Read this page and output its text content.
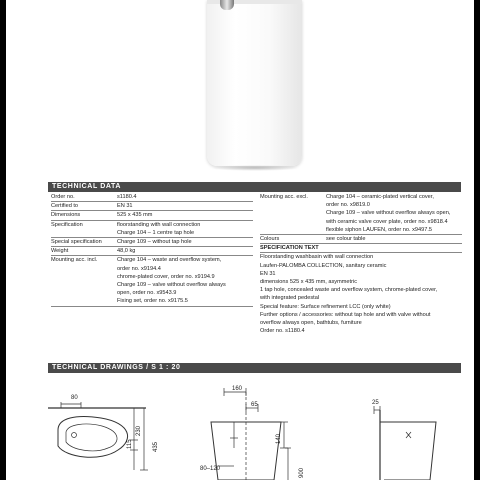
TECHNICAL DATA
Order no.	s1180.4
Certified to	EN 31
Dimensions	525 x 435 mm
Specification	floorstanding with wall connection
Charge 104 – 1 centre tap hole
Special specification	Charge 109 – without tap hole
Weight	48,0 kg
Mounting acc. incl.	Charge 104 – waste and overflow system,
order no. x9194.4
chrome-plated cover, order no. x9194.9
Charge 109 – valve without overflow always
open, order no. x9543.9
Fixing set, order no. x9175.5
Mounting acc. excl.	Charge 104 – ceramic-plated vertical cover,
order no. x9819.0
Charge 109 – valve without overflow always open,
with ceramic valve cover plate, order no. x9818.4
flexible siphon LAUFEN, order no. x9497.5
Colours	see colour table
SPECIFICATION TEXT
Floorstanding washbasin with wall connection
Laufen-PALOMBA COLLECTION, sanitary ceramic
EN 31
dimensions 525 x 435 mm, asymmetric
1 tap hole, concealed waste and overflow system, chrome-plated cover,
with integrated pedestal
Special feature: Surface refinement LCC (only white)
Further options / accessories: without tap hole and with valve without
overflow always open, bathtubs, furniture
Order no. s1180.4
TECHNICAL DRAWINGS / S 1 : 20
80
115
230
435
160
65
140
80–120	900
25
